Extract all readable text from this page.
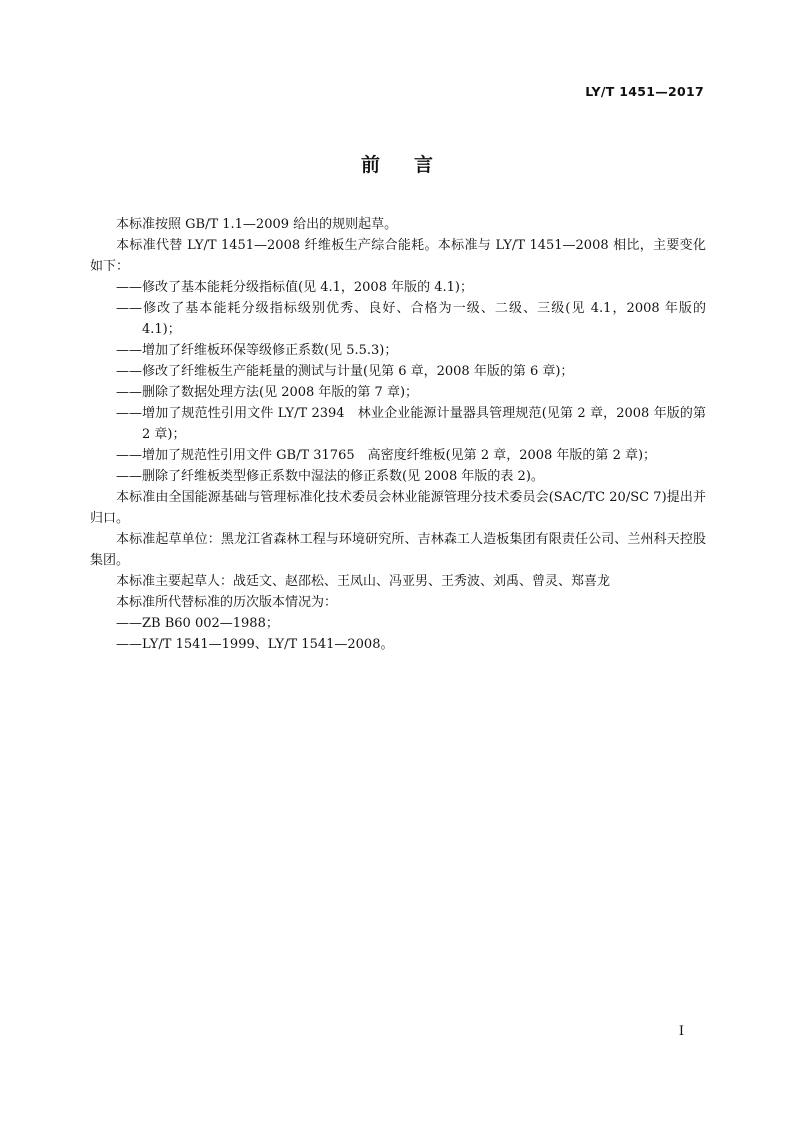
LY/T 1451—2017
前言

本标准按照 GB/T 1.1—2009 给出的规则起草。

本标准代替 LY/T 1451—2008 纤维板生产综合能耗。本标准与 LY/T 1451—2008 相比，主要变化如下：

——修改了基本能耗分级指标值(见 4.1，2008 年版的 4.1)；

——修改了基本能耗分级指标级别优秀、良好、合格为一级、二级、三级(见 4.1，2008 年版的 4.1)；

——增加了纤维板环保等级修正系数(见 5.5.3)；

——修改了纤维板生产能耗量的测试与计量(见第 6 章，2008 年版的第 6 章)；

——删除了数据处理方法(见 2008 年版的第 7 章)；

——增加了规范性引用文件 LY/T 2394　林业企业能源计量器具管理规范(见第 2 章，2008 年版的第 2 章)；

——增加了规范性引用文件 GB/T 31765　高密度纤维板(见第 2 章，2008 年版的第 2 章)；

——删除了纤维板类型修正系数中湿法的修正系数(见 2008 年版的表 2)。

本标准由全国能源基础与管理标准化技术委员会林业能源管理分技术委员会(SAC/TC 20/SC 7)提出并归口。

本标准起草单位：黑龙江省森林工程与环境研究所、吉林森工人造板集团有限责任公司、兰州科天控股集团。

本标准主要起草人：战廷文、赵邵松、王凤山、冯亚男、王秀波、刘禹、曾灵、郑喜龙

本标准所代替标准的历次版本情况为：

——ZB B60 002—1988；

——LY/T 1541—1999、LY/T 1541—2008。

I
